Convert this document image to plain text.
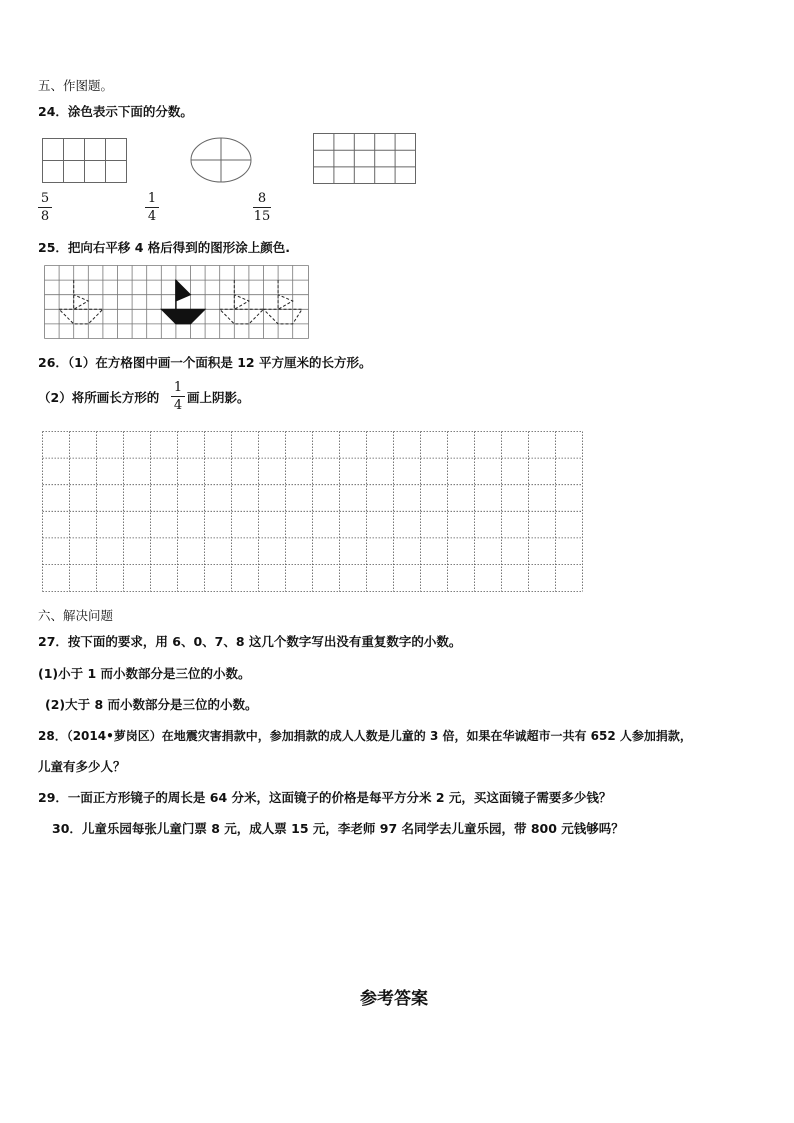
五、作图题。
24．涂色表示下面的分数。
5
8
1
4
8
15
25．把向右平移 4 格后得到的图形涂上颜色.
26．（1）在方格图中画一个面积是 12 平方厘米的长方形。
（2）将所画长方形的
1
4
画上阴影。
六、解决问题
27．按下面的要求，用 6、0、7、8 这几个数字写出没有重复数字的小数。
(1)小于 1 而小数部分是三位的小数。
(2)大于 8 而小数部分是三位的小数。
28．（2014•萝岗区）在地震灾害捐款中，参加捐款的成人人数是儿童的 3 倍，如果在华诚超市一共有 652 人参加捐款，
儿童有多少人？
29．一面正方形镜子的周长是 64 分米，这面镜子的价格是每平方分米 2 元，买这面镜子需要多少钱？
30．儿童乐园每张儿童门票 8 元，成人票 15 元，李老师 97 名同学去儿童乐园，带 800 元钱够吗？
参考答案
